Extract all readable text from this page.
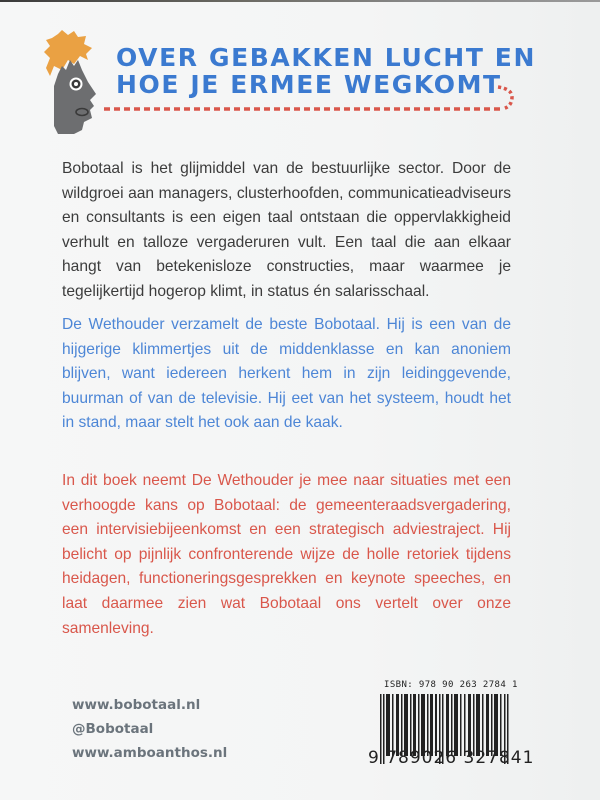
OVER GEBAKKEN LUCHT EN
HOE JE ERMEE WEGKOMT
Bobotaal is het glijmiddel van de bestuurlijke sector. Door de wildgroei aan managers, clusterhoofden, communicatieadviseurs en consultants is een eigen taal ontstaan die oppervlakkigheid verhult en talloze vergaderuren vult. Een taal die aan elkaar hangt van betekenisloze constructies, maar waarmee je tegelijkertijd hogerop klimt, in status én salarisschaal.
De Wethouder verzamelt de beste Bobotaal. Hij is een van de hijgerige klimmertjes uit de middenklasse en kan anoniem blijven, want iedereen herkent hem in zijn leidinggevende, buurman of van de televisie. Hij eet van het systeem, houdt het in stand, maar stelt het ook aan de kaak.
In dit boek neemt De Wethouder je mee naar situaties met een verhoogde kans op Bobotaal: de gemeenteraadsvergadering, een intervisiebijeenkomst en een strategisch adviestraject. Hij belicht op pijnlijk confronterende wijze de holle retoriek tijdens heidagen, functioneringsgesprekken en keynote speeches, en laat daarmee zien wat Bobotaal ons vertelt over onze samenleving.
www.bobotaal.nl
@Bobotaal
www.amboanthos.nl
ISBN: 978 90 263 2784 1
9 789026 327841
